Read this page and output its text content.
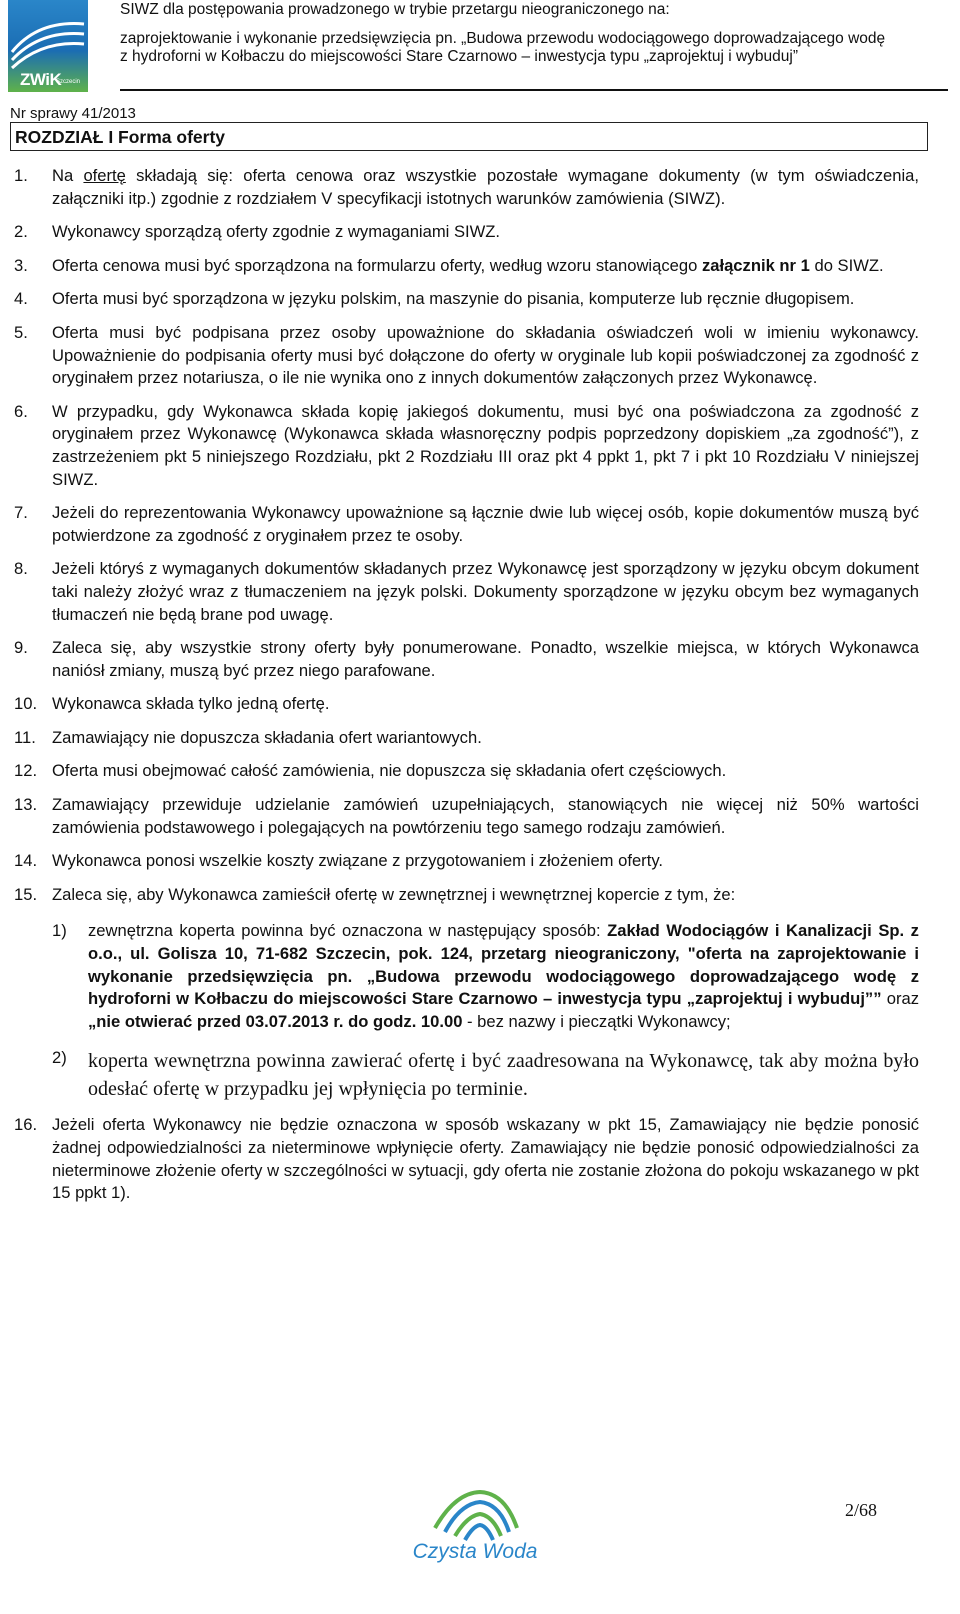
ZWiK
Szczecin
SIWZ dla postępowania prowadzonego w trybie przetargu nieograniczonego na:
zaprojektowanie i wykonanie przedsięwzięcia pn. „Budowa przewodu wodociągowego doprowadzającego wodę
z hydroforni w Kołbaczu do miejscowości Stare Czarnowo – inwestycja typu „zaprojektuj i wybuduj”
Nr sprawy 41/2013
ROZDZIAŁ I Forma oferty
1. Na ofertę składają się: oferta cenowa oraz wszystkie pozostałe wymagane dokumenty (w tym oświadczenia, załączniki itp.) zgodnie z rozdziałem V specyfikacji istotnych warunków zamówienia (SIWZ).
2. Wykonawcy sporządzą oferty zgodnie z wymaganiami SIWZ.
3. Oferta cenowa musi być sporządzona na formularzu oferty, według wzoru stanowiącego załącznik nr 1 do SIWZ.
4. Oferta musi być sporządzona w języku polskim, na maszynie do pisania, komputerze lub ręcznie długopisem.
5. Oferta musi być podpisana przez osoby upoważnione do składania oświadczeń woli w imieniu wykonawcy. Upoważnienie do podpisania oferty musi być dołączone do oferty w oryginale lub kopii poświadczonej za zgodność z oryginałem przez notariusza, o ile nie wynika ono z innych dokumentów załączonych przez Wykonawcę.
6. W przypadku, gdy Wykonawca składa kopię jakiegoś dokumentu, musi być ona poświadczona za zgodność z oryginałem przez Wykonawcę (Wykonawca składa własnoręczny podpis poprzedzony dopiskiem „za zgodność”), z zastrzeżeniem pkt 5 niniejszego Rozdziału, pkt 2 Rozdziału III oraz pkt 4 ppkt 1, pkt 7 i pkt 10 Rozdziału V niniejszej SIWZ.
7. Jeżeli do reprezentowania Wykonawcy upoważnione są łącznie dwie lub więcej osób, kopie dokumentów muszą być potwierdzone za zgodność z oryginałem przez te osoby.
8. Jeżeli któryś z wymaganych dokumentów składanych przez Wykonawcę jest sporządzony w języku obcym dokument taki należy złożyć wraz z tłumaczeniem na język polski. Dokumenty sporządzone w języku obcym bez wymaganych tłumaczeń nie będą brane pod uwagę.
9. Zaleca się, aby wszystkie strony oferty były ponumerowane. Ponadto, wszelkie miejsca, w których Wykonawca naniósł zmiany, muszą być przez niego parafowane.
10. Wykonawca składa tylko jedną ofertę.
11. Zamawiający nie dopuszcza składania ofert wariantowych.
12. Oferta musi obejmować całość zamówienia, nie dopuszcza się składania ofert częściowych.
13. Zamawiający przewiduje udzielanie zamówień uzupełniających, stanowiących nie więcej niż 50% wartości zamówienia podstawowego i polegających na powtórzeniu tego samego rodzaju zamówień.
14. Wykonawca ponosi wszelkie koszty związane z przygotowaniem i złożeniem oferty.
15. Zaleca się, aby Wykonawca zamieścił ofertę w zewnętrznej i wewnętrznej kopercie z tym, że:
1) zewnętrzna koperta powinna być oznaczona w następujący sposób: Zakład Wodociągów i Kanalizacji Sp. z o.o., ul. Golisza 10, 71-682 Szczecin, pok. 124, przetarg nieograniczony, "oferta na zaprojektowanie i wykonanie przedsięwzięcia pn. „Budowa przewodu wodociągowego doprowadzającego wodę z hydroforni w Kołbaczu do miejscowości Stare Czarnowo – inwestycja typu „zaprojektuj i wybuduj”” oraz „nie otwierać przed 03.07.2013 r. do godz. 10.00 - bez nazwy i pieczątki Wykonawcy;
2) koperta wewnętrzna powinna zawierać ofertę i być zaadresowana na Wykonawcę, tak aby można było odesłać ofertę w przypadku jej wpłynięcia po terminie.
16. Jeżeli oferta Wykonawcy nie będzie oznaczona w sposób wskazany w pkt 15, Zamawiający nie będzie ponosić żadnej odpowiedzialności za nieterminowe wpłynięcie oferty. Zamawiający nie będzie ponosić odpowiedzialności za nieterminowe złożenie oferty w szczególności w sytuacji, gdy oferta nie zostanie złożona do pokoju wskazanego w pkt 15 ppkt 1).
Czysta Woda
2/68
